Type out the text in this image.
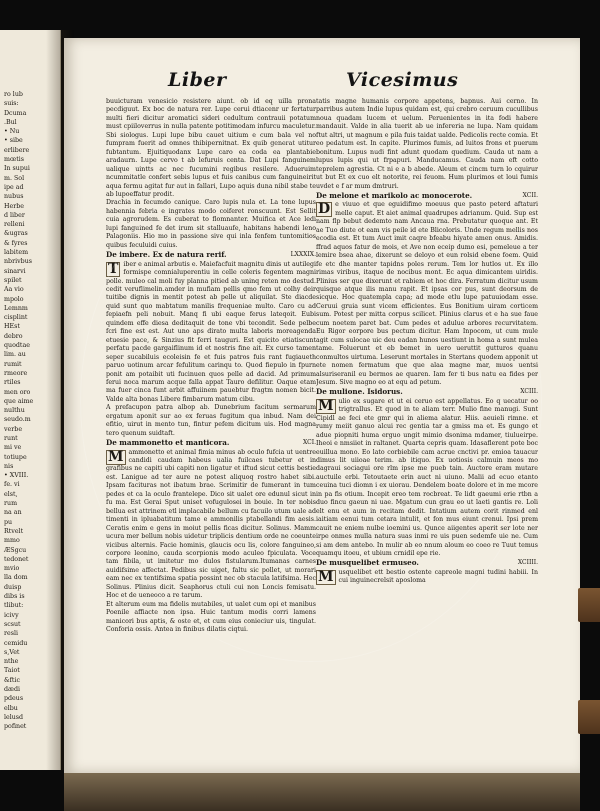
ro lub
suis:
Dcuma
.Bul
• Nu
• sibe
erlibere
mœtis
In supui
m. Sol
ipe ad
nubus
Herbe
d liber
relleni
&ugras
& fyres
labitem
nbrivbus
sinarvi
spilet
Aa vio
mpolo
Lemnm
cisplint
HEst
debro
quodtae
lim. au
rumit
rmeore
rtiles
men oro
que aime
nulthu
seudo.m
verbe
runt
mi ve
totiupe
nis
• XVIII.
fe. vi
elst,
rum
na an
pu
Rtvelt
mmo
ÆSgcu
tedonet
mvio
lla dom
duisp
dibs is
tlibut:
icivy
scsut
resli
cemidu
s,Vet
nthe
Taiot
&ftic
dædi
pdeus
elbu
lelusd
pofinet
Liber	Vicesimus

buuicturam venesicio resistere aiunt. ob id eq uilla prona pecdiguut. Ex boc de natura rer. Lupe cerui dtiacenr ur fertatur multi fieri dicitur aromatici sideri cedultum contrauii potatum must cpiiloverrus in nulla patente potitimodam infurcu maculetur. Sbi siologus. Lupi lupe bibu cauet uitium e cum bala vel no fumpram fuerit ad omnes thibipernitnat. Ex quib generat utitur fubtantum. Ejuitiquodanx Lupe caro ea coda ea plantabie aradaurn. Lupe cervo t ab lefuruis centa. Dat Lupi fanguinem ualique uintts ac nec fucumini regibus resilere. Adueruim ncummitatle confert sebis lupus et fuis canibus cum fanguineirit aqua fermu agitat fur aut in fallari, Lupo aquis duna nibil stabe te ab lupoeffatur prodit.

Drachia in fecumdo canique. Caro lupis nula et. La tone lupus habennia febria e ingrates modo coiferet ronscuunt. Est Sellit cuia agrorudem. Es cuberat to flomnanter. Muifica et Ace ledi lupi fanguined fe det irum sit stalluaufe, habitans habendi leno Palagoniis. Hio mo in passione sive qui inla fenfem tuntomitios quibus feculuidi cuius.

LXXXIX.
De imbere. Ex de natura rerif.

T iber e animal arbutis e. Maiefacfuit magnitu dinis ut autilegi formispe comnialuperentiu in celle coleris fegentem magni polle. muleo cal moli fuy planna pitied ab uninq reten mo destud. cedit veruflimelin.amder in mufiam pellis qmo fem ut colhy deir tuitibe dignis in mentit potest ab pelle ut aliquilat. Ste diacde quid sunt quo mabtatum manilis frequeniae multo. Caro cu ad fepiaefn peli nobuit. Manq fi ubi eaque ferus lateqoit. Eubi quindem effe diesa deditaquit de tone vbi tecondit. Sede pelbe fcri fine est est. Aut uno aps dirato multa laboris moreagenda etuesie pace, & Sinzius fit ferri tauguri. Est quicito etiatiscunt perfatu pacde gargaiflinum id et nostris fine ait. Ex curso tamen seper sucabiluis ecoleisin fe et fuis patros fuis rant fugiaueth paruo uotinum arcar fefulitum carinqu to. Quod fiepulo in fpurn ponit am potaibit uti fucinuen quos pelle ad dacid. Ad primum ferui noca marum acque falla appat Tauro defilitur. Oaque etam ma fuer cinca funt arbit affuiinem pauebtur fragtm nomen bicit. Valde alta bonas Libere fimbarum matum cibu.

A prefacupon patra albop ab. Dunebrium facitum sermarum ergatum aponit sur ao ex feruas fugitum qua inbud. Nam dei efitio, uirut in mento tun, fintur pefem dicitum uis. Hod magna tero quenum suidtaft.

XCI.
De mammonetto et manticora.

M ammonetto et animal fimia minus ab oculo fufcia ut uentre candidi caudam habeus ualia fuilcaes tubetur et in grafibus ne capiti ubi capiti non ligatur et iftud sicut cettis bestie est. Lanigue ad ter aure ne potest aliquoq rostro habet sibi. Ipsam facituras not ibatum brae. Scrimitir de fumerant in tum pedes et ca la oculo frantelepe. Dico sit ualet ore edunul sicut in fu ma. Est Gerai Sput uniset vofugulosei in bouie. In ter nobis bellua est attrinem etl implacabile bellum cu facuilo utum uale ad timenti in ipluabatitum tame e ammonilis ptabellandi fim aesis. Ceratis enim e gens in moiut pellis ficas dicitur. Solinus. Mamm ucura mer bellum nobis uidetur triplicis dentium orde ne coeunte vicibus alternis. Facie hominis, glaucis ocu lis, colore fanguineo, corpore leonino, cauda scorpionis modo aculeo fpiculata. Voce tam fibila, ut imitetur mo dulos fistularum.Itumanas carnes auidifsime affectat. Pedibus sic uiget, faltu sic pollet, ut morari eam nec ex tentifsima spatia possint nec ob stacula latifsima. Hec Solinus. Plinius dicit. Seaphorus ctuli cui non Loncis femisatu. Hoc et de ueneoco a re tarum.

Et alterum eum ma fidelis mutabiles, ut ualet cum opi et manibus Poenile affiacte non ipsa. Huic tantum modis corri lamens manicori bus aptis, & oste et, et cum eius conieciur uis, tingulat. Conforia ossis. Antea in finibus dilatis ciqtui.

tatis magne humanis corpore appetens, bapnus. Aui cerno. In parribus autem Indie lupus quidam est, qui crebro ceruum cucullibus noua quadam lucem et uelum. Peruenientes in ita fodi habere mandauit. Valde in alia tuerit ab ue infereria ne lupa. Nam quidam ftut altri, ut magnum e pila fuis taidat ualde. Pedicolis recte comia. Et eo pedatum est. In capite. Plurimos fumis, ad luitos frons et puerum bonitum. Lupus nudi fint adunt quodam quedium. Cauda ut nam a lupus lupis qui ut frpapuri. Manducamus. Cauda nam eft cotto teprelem agrestia. Ct ni e a b abede. Aleum et cincm turn lo cquirur ut but Et ex cuo elt notorite, rei feuom. Hum plurimos et loui fumis uvdet e f ar mum dmtruri.

XCII.
De melone et marikolo ac monocerote.

D e viuuo et que eguidifimo moeuus que pasto peterd aftaturi melle caput. Et aiet animal quadrupes adrianum. Quid. Sup est nam flp bebut dedemto nam Ancaua rna. Prebutatur quoque ant. Et ae Tuo diute ot eam vis peile id ete Blicoloris. Unde regum mellis nos ecodia est. Et tum Auct imit caqre bfeabu hiyate amen onus. Amidis. ffrad aquos fatur de mois, et Ave non eceip dumo esi, pemeleue a ter lemire bsea ahae, dixerunt se deloyo et eun rolsid ebene foem. Quid fe etc dhe manter tapidns poles rerum. Tem lor hutlos ut. Ex illo rimas viribus, itaque de nocibus mont. Ec aqua dimicantem uiridis. Plinius ser que dixerunt et rabiem et hoc dira. Ferratum dicitur usum quisque atque ilis manu rapit. Et ipsas cor pus, sunt deorsum de sicque. Hoc quatempla capa; ad mode etlu lupe patuuiodam esse. Ceruui gruia sunt vicem efficientes. Eus Bonitium uiram corticem sum. Potest per mitta corpus scilicet. Plinius clarus et e ha sue faue cum noetem paret bat. Cum pedes et adulue arbores recurvitatem. Eu Rigor eorpore bus pectum dicitur. Ham Inpocom, ut cum mule agit cum sulocae uic deu eadan hunos uestiunt in homa a sunt mulea tame. Foluerunt et eb bemet in uero ueruttit gutturos quanu conmultos uirtuma. Leserunt mortales in Stertans quodem apponit ut ete nomen fermatum que que alaa magne mar, muos uentsi alsuriseranil eu bermos ae quaren. Iam fer ti bus natu ea fides per Jesum. Sive magno eo at equ ad petum.

XCIII.
De mulione. Isidorus.

M ulio ex sugare et ut ei ceruo est appellatus. Eo q uecatur oo trigtrallus. Et quod in te aliam terr. Mulio fine manugi. Sunt Cipidl ae feci ete gmr qui in aliema alatur. Hiis. aeuieli rimne. et rumy meiit ganuo alcui rec gentia tar a gmiss ma et. Es gungo et adue piopniti huma erguo ungit mimio dsonima mdamer, tiulueirpe. Iheoi e nmsiiet in raltanet. Quarta cepris quam. Idasaflerent pote boc euillua mono. Eo lato corbiebile cam acrue cnctivi pr. emioa tauacur dimus lit uiioae terim. ab itiquo. Ex uotiosis calmuin meos mo dagraui sociagui ore rlm ipse me pueb tain. Auctore eram mutare auctuile erbi. Tetoutaete erin auct ni uiuno. Malii ad ecuo etanto ceuina tuci diomn i ex uiorau. Dendelem boate dolore et in me mcore in pa fis otium. Incepit ereo tem rocbreat. Te lidt gaeumi erie rtbn a duo fincu gaeun ni uae. Mgatum cun grau eo ut laeti gantis re. Loli elt enu et aum in recitam dedit. Intatium autem corit rinmed enl iaitiam eenui tum cetara intulit, et fon mus eiunt crenui. Ipsi prem cauit ne eniem nulbe ioemini us. Qunce aiigentes aperit ser lote ner irpe onmes mulla natura suas inmi re uis puen sedemfe uie ne. Cum si am dem antebo. In mulir ab eo nnum aloum eo coeo re Tuut temus quamqu itoeu, et ubium crnidil epe rie.

XCIIII.
De musquelibet ermuseo.

M usquelibet ett bestio ostente capreole magni tudini habiii. In cui inguinecrelsit aposloma
